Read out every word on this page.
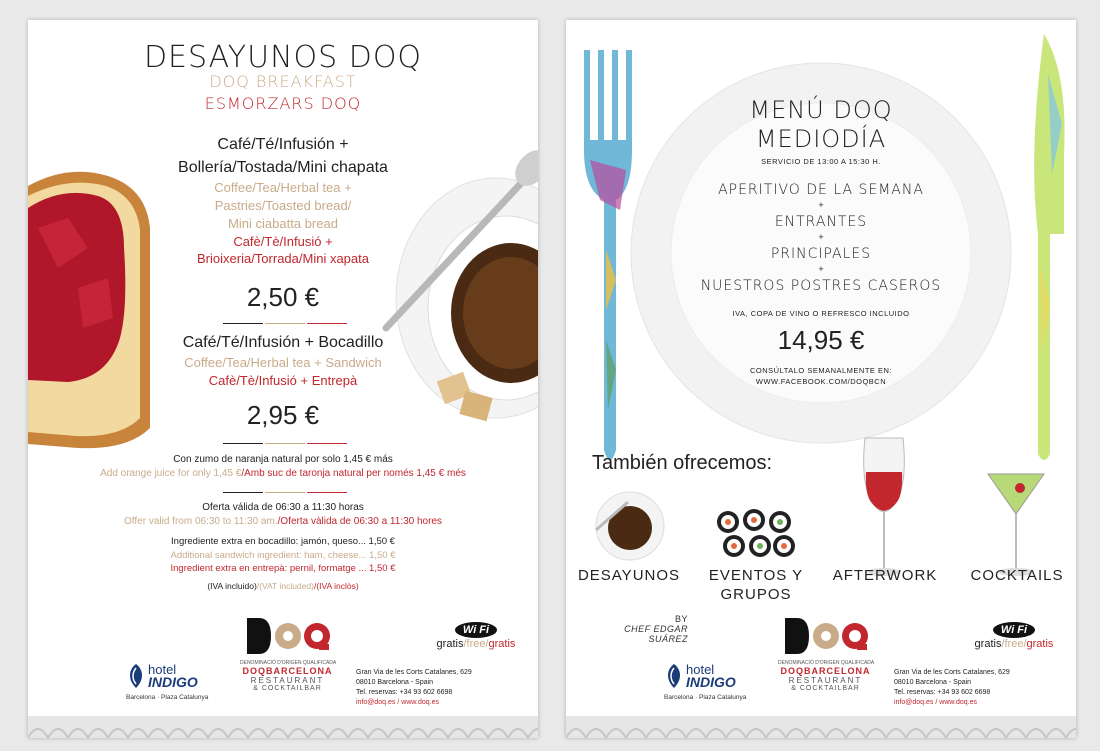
DESAYUNOS DOQ
DOQ BREAKFAST
ESMORZARS DOQ
Café/Té/Infusión +
Bollería/Tostada/Mini chapata
Coffee/Tea/Herbal tea +
Pastries/Toasted bread/
Mini ciabatta bread
Cafè/Tè/Infusió +
Brioixeria/Torrada/Mini xapata
2,50 €
Café/Té/Infusión + Bocadillo
Coffee/Tea/Herbal tea + Sandwich
Cafè/Tè/Infusió + Entrepà
2,95 €
Con zumo de naranja natural por solo 1,45 € más
Add orange juice for only 1,45 €/Amb suc de taronja natural per només 1,45 € més
Oferta válida de 06:30 a 11:30 horas
Offer valid from 06:30 to 11:30 am./Oferta vàlida de 06:30 a 11:30 hores
Ingrediente extra en bocadillo: jamón, queso... 1,50 €
Additional sandwich ingredient: ham, cheese... 1,50 €
Ingredient extra en entrepà: pernil, formatge ... 1,50 €
(IVA incluido)/(VAT included)/(IVA inclòs)
Wi Fi
gratis/free/gratis
hotel
INDIGO
Barcelona · Plaza Catalunya
DENOMINACIÓ D'ORIGEN QUALIFICADA
DOQBARCELONA
RESTAURANT
& COCKTAILBAR
Gran Via de les Corts Catalanes, 629
08010 Barcelona - Spain
Tel. reservas: +34 93 602 6698
info@doq.es / www.doq.es
MENÚ DOQ
MEDIODÍA
SERVICIO DE 13:00 A 15:30 H.
APERITIVO DE LA SEMANA
+
ENTRANTES
+
PRINCIPALES
+
NUESTROS POSTRES CASEROS
IVA, COPA DE VINO O REFRESCO INCLUIDO
14,95 €
CONSÚLTALO SEMANALMENTE EN:
WWW.FACEBOOK.COM/DOQBCN
También ofrecemos:
DESAYUNOS	EVENTOS Y
GRUPOS
AFTERWORK	COCKTAILS
BY
CHEF EDGAR
SUÁREZ
Wi Fi
gratis/free/gratis
hotel
INDIGO
Barcelona · Plaza Catalunya
DENOMINACIÓ D'ORIGEN QUALIFICADA
DOQBARCELONA
RESTAURANT
& COCKTAILBAR
Gran Via de les Corts Catalanes, 629
08010 Barcelona - Spain
Tel. reservas: +34 93 602 6698
info@doq.es / www.doq.es
